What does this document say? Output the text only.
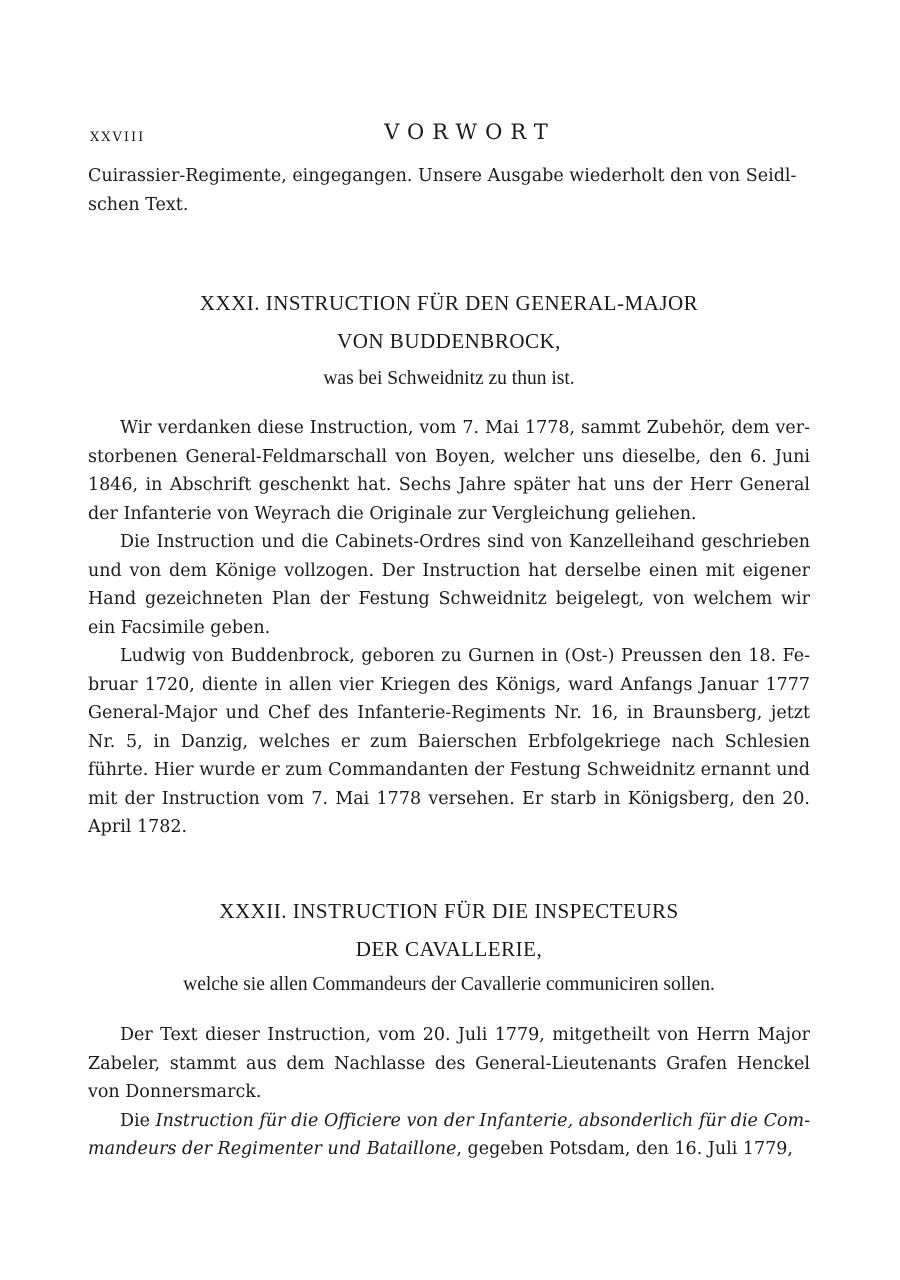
XXVIII	VORWORT

Cuirassier-Regimente, eingegangen. Unsere Ausgabe wiederholt den von Seidl-
schen Text.

XXXI. INSTRUCTION FÜR DEN GENERAL-MAJOR
VON BUDDENBROCK,
was bei Schweidnitz zu thun ist.

Wir verdanken diese Instruction, vom 7. Mai 1778, sammt Zubehör, dem ver-storbenen General-Feldmarschall von Boyen, welcher uns dieselbe, den 6. Juni 1846, in Abschrift geschenkt hat. Sechs Jahre später hat uns der Herr General der Infanterie von Weyrach die Originale zur Vergleichung geliehen.

Die Instruction und die Cabinets-Ordres sind von Kanzelleihand geschrieben und von dem Könige vollzogen. Der Instruction hat derselbe einen mit eigener Hand gezeichneten Plan der Festung Schweidnitz beigelegt, von welchem wir ein Facsimile geben.

Ludwig von Buddenbrock, geboren zu Gurnen in (Ost-) Preussen den 18. Fe-bruar 1720, diente in allen vier Kriegen des Königs, ward Anfangs Januar 1777 General-Major und Chef des Infanterie-Regiments Nr. 16, in Braunsberg, jetzt Nr. 5, in Danzig, welches er zum Baierschen Erbfolgekriege nach Schlesien führte. Hier wurde er zum Commandanten der Festung Schweidnitz ernannt und mit der Instruction vom 7. Mai 1778 versehen. Er starb in Königsberg, den 20. April 1782.

XXXII. INSTRUCTION FÜR DIE INSPECTEURS
DER CAVALLERIE,
welche sie allen Commandeurs der Cavallerie communiciren sollen.

Der Text dieser Instruction, vom 20. Juli 1779, mitgetheilt von Herrn Major Zabeler, stammt aus dem Nachlasse des General-Lieutenants Grafen Henckel von Donnersmarck.

Die Instruction für die Officiere von der Infanterie, absonderlich für die Com-mandeurs der Regimenter und Bataillone, gegeben Potsdam, den 16. Juli 1779,
